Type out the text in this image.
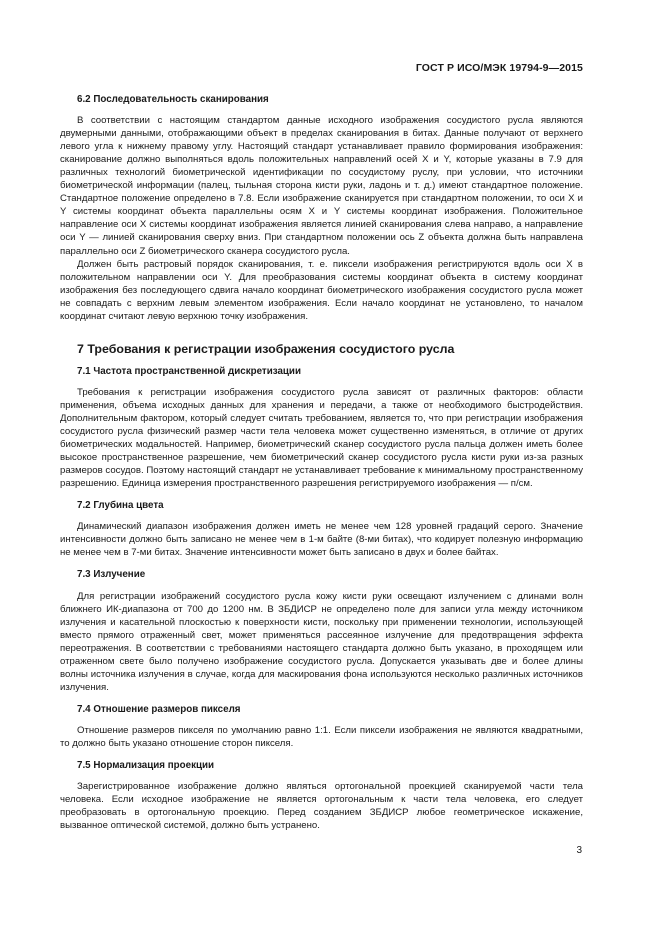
ГОСТ Р ИСО/МЭК 19794-9—2015
6.2 Последовательность сканирования

В соответствии с настоящим стандартом данные исходного изображения сосудистого русла являются двумерными данными, отображающими объект в пределах сканирования в битах. Данные получают от верхнего левого угла к нижнему правому углу. Настоящий стандарт устанавливает правило формирования изображения: сканирование должно выполняться вдоль положительных направлений осей X и Y, которые указаны в 7.9 для различных технологий биометрической идентификации по сосудистому руслу, при условии, что источники биометрической информации (палец, тыльная сторона кисти руки, ладонь и т. д.) имеют стандартное положение. Стандартное положение определено в 7.8. Если изображение сканируется при стандартном положении, то оси X и Y системы координат объекта параллельны осям X и Y системы координат изображения. Положительное направление оси X системы координат изображения является линией сканирования слева направо, а направление оси Y — линией сканирования сверху вниз. При стандартном положении ось Z объекта должна быть направлена параллельно оси Z биометрического сканера сосудистого русла.

Должен быть растровый порядок сканирования, т. е. пиксели изображения регистрируются вдоль оси X в положительном направлении оси Y. Для преобразования системы координат объекта в систему координат изображения без последующего сдвига начало координат биометрического изображения сосудистого русла может не совпадать с верхним левым элементом изображения. Если начало координат не установлено, то началом координат считают левую верхнюю точку изображения.

7 Требования к регистрации изображения сосудистого русла
7.1 Частота пространственной дискретизации

Требования к регистрации изображения сосудистого русла зависят от различных факторов: области применения, объема исходных данных для хранения и передачи, а также от необходимого быстродействия. Дополнительным фактором, который следует считать требованием, является то, что при регистрации изображения сосудистого русла физический размер части тела человека может существенно изменяться, в отличие от других биометрических модальностей. Например, биометрический сканер сосудистого русла пальца должен иметь более высокое пространственное разрешение, чем биометрический сканер сосудистого русла кисти руки из-за разных размеров сосудов. Поэтому настоящий стандарт не устанавливает требование к минимальному пространственному разрешению. Единица измерения пространственного разрешения регистрируемого изображения — п/см.

7.2 Глубина цвета

Динамический диапазон изображения должен иметь не менее чем 128 уровней градаций серого. Значение интенсивности должно быть записано не менее чем в 1-м байте (8-ми битах), что кодирует полезную информацию не менее чем в 7-ми битах. Значение интенсивности может быть записано в двух и более байтах.

7.3 Излучение

Для регистрации изображений сосудистого русла кожу кисти руки освещают излучением с длинами волн ближнего ИК-диапазона от 700 до 1200 нм. В ЗБДИСР не определено поле для записи угла между источником излучения и касательной плоскостью к поверхности кисти, поскольку при применении технологии, использующей вместо прямого отраженный свет, может применяться рассеянное излучение для предотвращения эффекта переотражения. В соответствии с требованиями настоящего стандарта должно быть указано, в проходящем или отраженном свете было получено изображение сосудистого русла. Допускается указывать две и более длины волны источника излучения в случае, когда для маскирования фона используются несколько различных источников излучения.

7.4 Отношение размеров пикселя

Отношение размеров пикселя по умолчанию равно 1:1. Если пиксели изображения не являются квадратными, то должно быть указано отношение сторон пикселя.

7.5 Нормализация проекции

Зарегистрированное изображение должно являться ортогональной проекцией сканируемой части тела человека. Если исходное изображение не является ортогональным к части тела человека, его следует преобразовать в ортогональную проекцию. Перед созданием ЗБДИСР любое геометрическое искажение, вызванное оптической системой, должно быть устранено.

3
